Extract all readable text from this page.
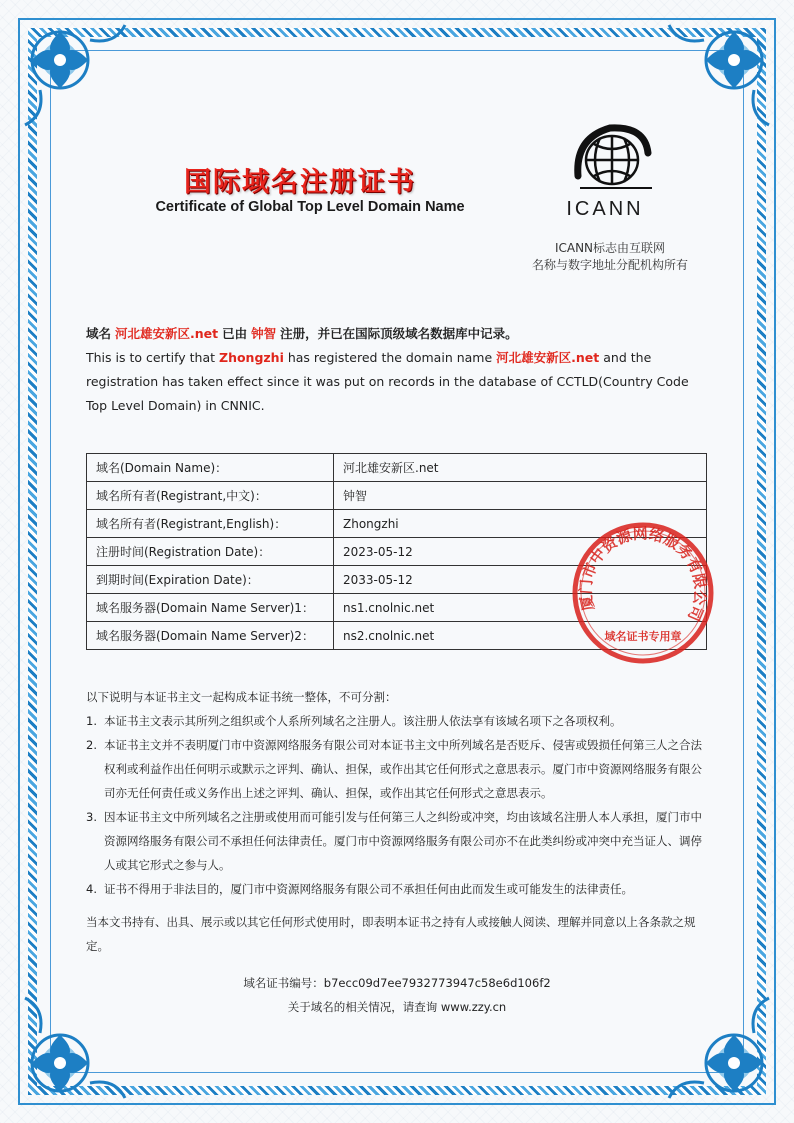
国际域名注册证书
Certificate of Global Top Level Domain Name	ICANN
ICANN标志由互联网
名称与数字地址分配机构所有
域名 河北雄安新区.net 已由 钟智 注册，并已在国际顶级域名数据库中记录。
This is to certify that Zhongzhi has registered the domain name 河北雄安新区.net and the registration has taken effect since it was put on records in the database of CCTLD(Country Code Top Level Domain) in CNNIC.
域名(Domain Name)：	河北雄安新区.net
域名所有者(Registrant,中文)：	钟智
域名所有者(Registrant,English)：	Zhongzhi
注册时间(Registration Date)：	2023-05-12
到期时间(Expiration Date)：	2033-05-12
域名服务器(Domain Name Server)1：	ns1.cnolnic.net
域名服务器(Domain Name Server)2：	ns2.cnolnic.net
厦门市中资源网络服务有限公司
域名证书专用章
以下说明与本证书主文一起构成本证书统一整体，不可分割：
1. 本证书主文表示其所列之组织或个人系所列域名之注册人。该注册人依法享有该域名项下之各项权利。
2. 本证书主文并不表明厦门市中资源网络服务有限公司对本证书主文中所列域名是否贬斥、侵害或毁损任何第三人之合法权利或利益作出任何明示或默示之评判、确认、担保，或作出其它任何形式之意思表示。厦门市中资源网络服务有限公司亦无任何责任或义务作出上述之评判、确认、担保，或作出其它任何形式之意思表示。
3. 因本证书主文中所列域名之注册或使用而可能引发与任何第三人之纠纷或冲突，均由该域名注册人本人承担，厦门市中资源网络服务有限公司不承担任何法律责任。厦门市中资源网络服务有限公司亦不在此类纠纷或冲突中充当证人、调停人或其它形式之参与人。
4. 证书不得用于非法目的，厦门市中资源网络服务有限公司不承担任何由此而发生或可能发生的法律责任。
当本文书持有、出具、展示或以其它任何形式使用时，即表明本证书之持有人或接触人阅读、理解并同意以上各条款之规定。
域名证书编号：b7ecc09d7ee7932773947c58e6d106f2
关于域名的相关情况，请查询 www.zzy.cn
